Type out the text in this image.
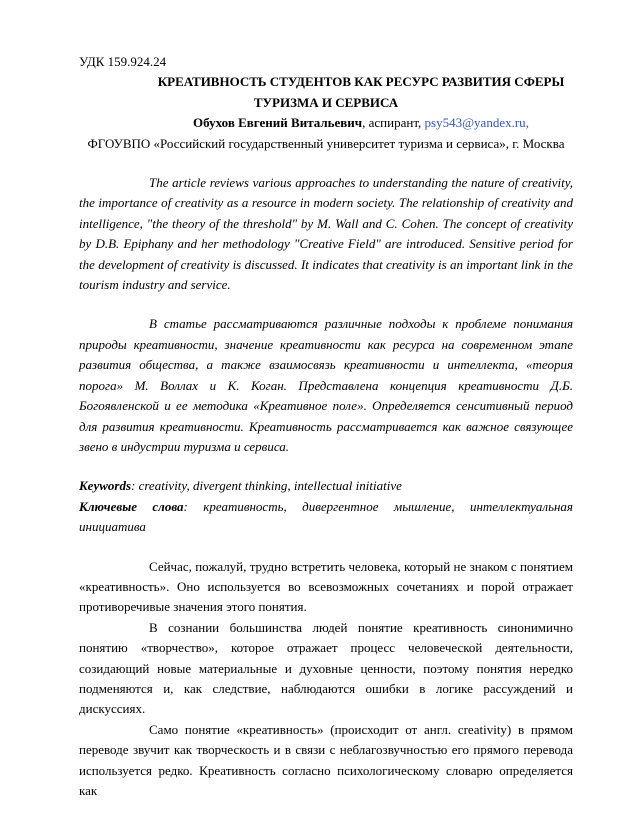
УДК 159.924.24
КРЕАТИВНОСТЬ СТУДЕНТОВ КАК РЕСУРС РАЗВИТИЯ СФЕРЫ ТУРИЗМА И СЕРВИСА
Обухов Евгений Витальевич, аспирант, psy543@yandex.ru,
ФГОУВПО «Российский государственный университет туризма и сервиса», г. Москва

The article reviews various approaches to understanding the nature of creativity, the importance of creativity as a resource in modern society. The relationship of creativity and intelligence, "the theory of the threshold" by M. Wall and C. Cohen. The concept of creativity by D.B. Epiphany and her methodology "Creative Field" are introduced. Sensitive period for the development of creativity is discussed. It indicates that creativity is an important link in the tourism industry and service.

В статье рассматриваются различные подходы к проблеме понимания природы креативности, значение креативности как ресурса на современном этапе развития общества, а также взаимосвязь креативности и интеллекта, «теория порога» М. Воллах и К. Коган. Представлена концепция креативности Д.Б. Богоявленской и ее методика «Креативное поле». Определяется сенситивный период для развития креативности. Креативность рассматривается как важное связующее звено в индустрии туризма и сервиса.

Keywords: creativity, divergent thinking, intellectual initiative
Ключевые слова: креативность, дивергентное мышление, интеллектуальная
инициатива

Сейчас, пожалуй, трудно встретить человека, который не знаком с понятием «креативность». Оно используется во всевозможных сочетаниях и порой отражает противоречивые значения этого понятия.

В сознании большинства людей понятие креативность синонимично понятию «творчество», которое отражает процесс человеческой деятельности, созидающий новые материальные и духовные ценности, поэтому понятия нередко подменяются и, как следствие, наблюдаются ошибки в логике рассуждений и дискуссиях.

Само понятие «креативность» (происходит от англ. creativity) в прямом переводе звучит как творческость и в связи с неблагозвучностью его прямого перевода используется редко. Креативность согласно психологическому словарю определяется как
